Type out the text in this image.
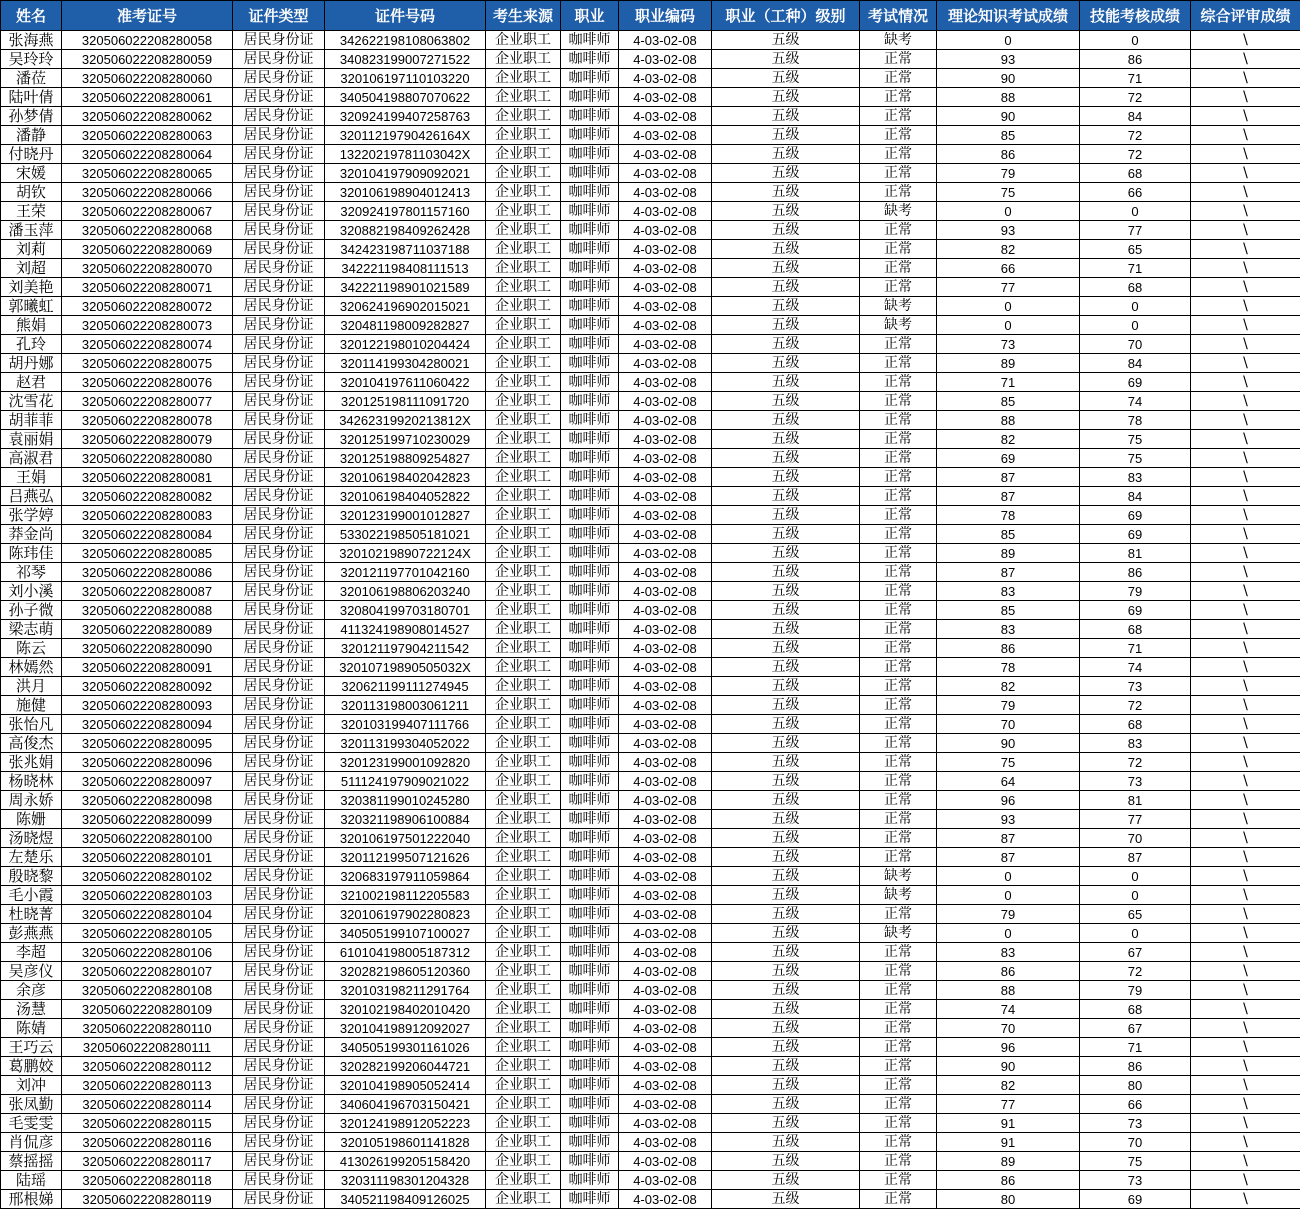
姓名	准考证号	证件类型	证件号码	考生来源	职业	职业编码	职业（工种）级别	考试情况	理论知识考试成绩	技能考核成绩	综合评审成绩
张海燕	320506022208280058	居民身份证	342622198108063802	企业职工	咖啡师	4-03-02-08	五级	缺考	0	0	\
吴玲玲	320506022208280059	居民身份证	340823199007271522	企业职工	咖啡师	4-03-02-08	五级	正常	93	86	\
潘莅	320506022208280060	居民身份证	320106197110103220	企业职工	咖啡师	4-03-02-08	五级	正常	90	71	\
陆叶倩	320506022208280061	居民身份证	340504198807070622	企业职工	咖啡师	4-03-02-08	五级	正常	88	72	\
孙梦倩	320506022208280062	居民身份证	320924199407258763	企业职工	咖啡师	4-03-02-08	五级	正常	90	84	\
潘静	320506022208280063	居民身份证	32011219790426164X	企业职工	咖啡师	4-03-02-08	五级	正常	85	72	\
付晓丹	320506022208280064	居民身份证	13220219781103042X	企业职工	咖啡师	4-03-02-08	五级	正常	86	72	\
宋媛	320506022208280065	居民身份证	320104197909092021	企业职工	咖啡师	4-03-02-08	五级	正常	79	68	\
胡钦	320506022208280066	居民身份证	320106198904012413	企业职工	咖啡师	4-03-02-08	五级	正常	75	66	\
王荣	320506022208280067	居民身份证	320924197801157160	企业职工	咖啡师	4-03-02-08	五级	缺考	0	0	\
潘玉萍	320506022208280068	居民身份证	320882198409262428	企业职工	咖啡师	4-03-02-08	五级	正常	93	77	\
刘莉	320506022208280069	居民身份证	342423198711037188	企业职工	咖啡师	4-03-02-08	五级	正常	82	65	\
刘超	320506022208280070	居民身份证	342221198408111513	企业职工	咖啡师	4-03-02-08	五级	正常	66	71	\
刘美艳	320506022208280071	居民身份证	342221198901021589	企业职工	咖啡师	4-03-02-08	五级	正常	77	68	\
郭曦虹	320506022208280072	居民身份证	320624196902015021	企业职工	咖啡师	4-03-02-08	五级	缺考	0	0	\
熊娟	320506022208280073	居民身份证	320481198009282827	企业职工	咖啡师	4-03-02-08	五级	缺考	0	0	\
孔玲	320506022208280074	居民身份证	320122198010204424	企业职工	咖啡师	4-03-02-08	五级	正常	73	70	\
胡丹娜	320506022208280075	居民身份证	320114199304280021	企业职工	咖啡师	4-03-02-08	五级	正常	89	84	\
赵君	320506022208280076	居民身份证	320104197611060422	企业职工	咖啡师	4-03-02-08	五级	正常	71	69	\
沈雪花	320506022208280077	居民身份证	320125198111091720	企业职工	咖啡师	4-03-02-08	五级	正常	85	74	\
胡菲菲	320506022208280078	居民身份证	34262319920213812X	企业职工	咖啡师	4-03-02-08	五级	正常	88	78	\
袁丽娟	320506022208280079	居民身份证	320125199710230029	企业职工	咖啡师	4-03-02-08	五级	正常	82	75	\
高淑君	320506022208280080	居民身份证	320125198809254827	企业职工	咖啡师	4-03-02-08	五级	正常	69	75	\
王娟	320506022208280081	居民身份证	320106198402042823	企业职工	咖啡师	4-03-02-08	五级	正常	87	83	\
吕燕弘	320506022208280082	居民身份证	320106198404052822	企业职工	咖啡师	4-03-02-08	五级	正常	87	84	\
张学婷	320506022208280083	居民身份证	320123199001012827	企业职工	咖啡师	4-03-02-08	五级	正常	78	69	\
莽金尚	320506022208280084	居民身份证	533022198505181021	企业职工	咖啡师	4-03-02-08	五级	正常	85	69	\
陈玮佳	320506022208280085	居民身份证	32010219890722124X	企业职工	咖啡师	4-03-02-08	五级	正常	89	81	\
祁琴	320506022208280086	居民身份证	320121197701042160	企业职工	咖啡师	4-03-02-08	五级	正常	87	86	\
刘小溪	320506022208280087	居民身份证	320106198806203240	企业职工	咖啡师	4-03-02-08	五级	正常	83	79	\
孙子微	320506022208280088	居民身份证	320804199703180701	企业职工	咖啡师	4-03-02-08	五级	正常	85	69	\
梁志萌	320506022208280089	居民身份证	411324198908014527	企业职工	咖啡师	4-03-02-08	五级	正常	83	68	\
陈云	320506022208280090	居民身份证	320121197904211542	企业职工	咖啡师	4-03-02-08	五级	正常	86	71	\
林嫣然	320506022208280091	居民身份证	32010719890505032X	企业职工	咖啡师	4-03-02-08	五级	正常	78	74	\
洪月	320506022208280092	居民身份证	320621199111274945	企业职工	咖啡师	4-03-02-08	五级	正常	82	73	\
施健	320506022208280093	居民身份证	320113198003061211	企业职工	咖啡师	4-03-02-08	五级	正常	79	72	\
张怡凡	320506022208280094	居民身份证	320103199407111766	企业职工	咖啡师	4-03-02-08	五级	正常	70	68	\
高俊杰	320506022208280095	居民身份证	320113199304052022	企业职工	咖啡师	4-03-02-08	五级	正常	90	83	\
张兆娟	320506022208280096	居民身份证	320123199001092820	企业职工	咖啡师	4-03-02-08	五级	正常	75	72	\
杨晓林	320506022208280097	居民身份证	511124197909021022	企业职工	咖啡师	4-03-02-08	五级	正常	64	73	\
周永娇	320506022208280098	居民身份证	320381199010245280	企业职工	咖啡师	4-03-02-08	五级	正常	96	81	\
陈姗	320506022208280099	居民身份证	320321198906100884	企业职工	咖啡师	4-03-02-08	五级	正常	93	77	\
汤晓煜	320506022208280100	居民身份证	320106197501222040	企业职工	咖啡师	4-03-02-08	五级	正常	87	70	\
左楚乐	320506022208280101	居民身份证	320112199507121626	企业职工	咖啡师	4-03-02-08	五级	正常	87	87	\
殷晓黎	320506022208280102	居民身份证	320683197911059864	企业职工	咖啡师	4-03-02-08	五级	缺考	0	0	\
毛小霞	320506022208280103	居民身份证	321002198112205583	企业职工	咖啡师	4-03-02-08	五级	缺考	0	0	\
杜晓菁	320506022208280104	居民身份证	320106197902280823	企业职工	咖啡师	4-03-02-08	五级	正常	79	65	\
彭燕燕	320506022208280105	居民身份证	340505199107100027	企业职工	咖啡师	4-03-02-08	五级	缺考	0	0	\
李超	320506022208280106	居民身份证	610104198005187312	企业职工	咖啡师	4-03-02-08	五级	正常	83	67	\
吴彦仪	320506022208280107	居民身份证	320282198605120360	企业职工	咖啡师	4-03-02-08	五级	正常	86	72	\
余彦	320506022208280108	居民身份证	320103198211291764	企业职工	咖啡师	4-03-02-08	五级	正常	88	79	\
汤慧	320506022208280109	居民身份证	320102198402010420	企业职工	咖啡师	4-03-02-08	五级	正常	74	68	\
陈婧	320506022208280110	居民身份证	320104198912092027	企业职工	咖啡师	4-03-02-08	五级	正常	70	67	\
王巧云	320506022208280111	居民身份证	340505199301161026	企业职工	咖啡师	4-03-02-08	五级	正常	96	71	\
葛鹏姣	320506022208280112	居民身份证	320282199206044721	企业职工	咖啡师	4-03-02-08	五级	正常	90	86	\
刘冲	320506022208280113	居民身份证	320104198905052414	企业职工	咖啡师	4-03-02-08	五级	正常	82	80	\
张凤勤	320506022208280114	居民身份证	340604196703150421	企业职工	咖啡师	4-03-02-08	五级	正常	77	66	\
毛雯雯	320506022208280115	居民身份证	320124198912052223	企业职工	咖啡师	4-03-02-08	五级	正常	91	73	\
肖侃彦	320506022208280116	居民身份证	320105198601141828	企业职工	咖啡师	4-03-02-08	五级	正常	91	70	\
蔡摇摇	320506022208280117	居民身份证	413026199205158420	企业职工	咖啡师	4-03-02-08	五级	正常	89	75	\
陆瑶	320506022208280118	居民身份证	320311198301204328	企业职工	咖啡师	4-03-02-08	五级	正常	86	73	\
邢根娣	320506022208280119	居民身份证	340521198409126025	企业职工	咖啡师	4-03-02-08	五级	正常	80	69	\
